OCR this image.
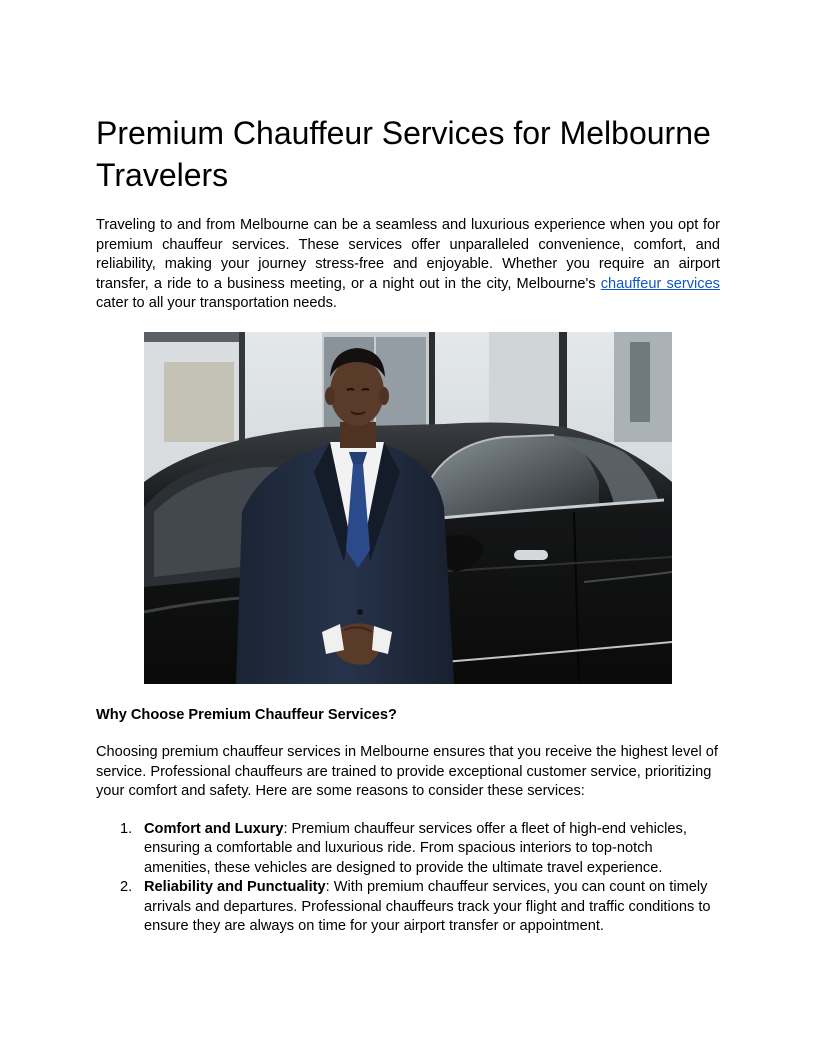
Premium Chauffeur Services for Melbourne Travelers

Traveling to and from Melbourne can be a seamless and luxurious experience when you opt for premium chauffeur services. These services offer unparalleled convenience, comfort, and reliability, making your journey stress-free and enjoyable. Whether you require an airport transfer, a ride to a business meeting, or a night out in the city, Melbourne's chauffeur services cater to all your transportation needs.

Why Choose Premium Chauffeur Services?

Choosing premium chauffeur services in Melbourne ensures that you receive the highest level of service. Professional chauffeurs are trained to provide exceptional customer service, prioritizing your comfort and safety. Here are some reasons to consider these services:

1. Comfort and Luxury: Premium chauffeur services offer a fleet of high-end vehicles, ensuring a comfortable and luxurious ride. From spacious interiors to top-notch amenities, these vehicles are designed to provide the ultimate travel experience.
2. Reliability and Punctuality: With premium chauffeur services, you can count on timely arrivals and departures. Professional chauffeurs track your flight and traffic conditions to ensure they are always on time for your airport transfer or appointment.
